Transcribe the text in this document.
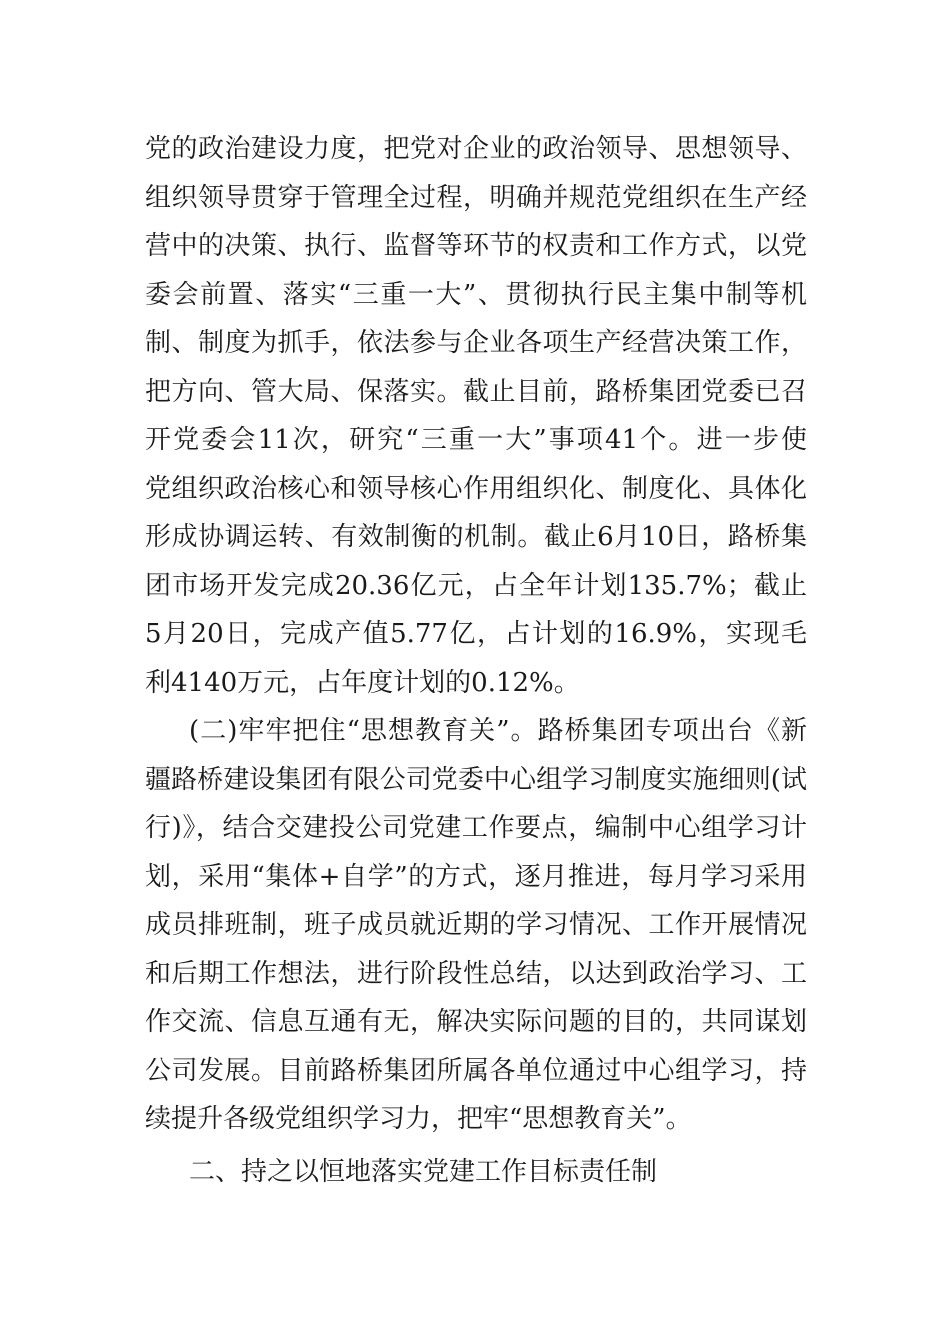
党的政治建设力度，把党对企业的政治领导、思想领导、
组织领导贯穿于管理全过程，明确并规范党组织在生产经
营中的决策、执行、监督等环节的权责和工作方式，以党
委会前置、落实“三重一大”、贯彻执行民主集中制等机
制、制度为抓手，依法参与企业各项生产经营决策工作，
把方向、管大局、保落实。截止目前，路桥集团党委已召
开党委会11次，研究“三重一大”事项41个。进一步使
党组织政治核心和领导核心作用组织化、制度化、具体化
形成协调运转、有效制衡的机制。截止6月10日，路桥集
团市场开发完成20.36亿元，占全年计划135.7%；截止
5月20日，完成产值5.77亿，占计划的16.9%，实现毛
利4140万元，占年度计划的0.12%。
(二)牢牢把住“思想教育关”。路桥集团专项出台《新
疆路桥建设集团有限公司党委中心组学习制度实施细则(试
行)》，结合交建投公司党建工作要点，编制中心组学习计
划，采用“集体+自学”的方式，逐月推进，每月学习采用
成员排班制，班子成员就近期的学习情况、工作开展情况
和后期工作想法，进行阶段性总结，以达到政治学习、工
作交流、信息互通有无，解决实际问题的目的，共同谋划
公司发展。目前路桥集团所属各单位通过中心组学习，持
续提升各级党组织学习力，把牢“思想教育关”。
二、持之以恒地落实党建工作目标责任制
